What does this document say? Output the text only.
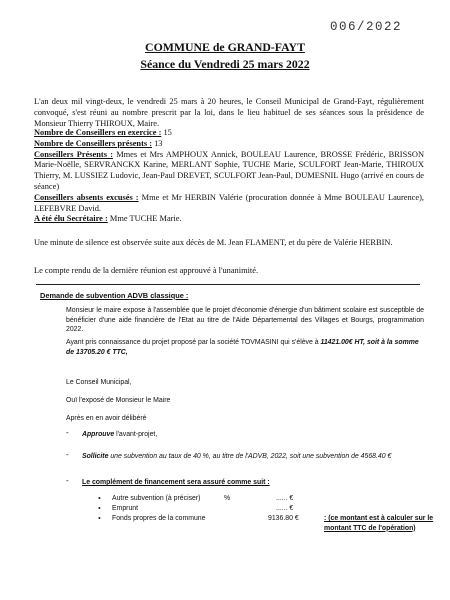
006/2022
COMMUNE de GRAND-FAYT
Séance du Vendredi 25 mars 2022

L'an deux mil vingt-deux, le vendredi 25 mars à 20 heures, le Conseil Municipal de Grand-Fayt, régulièrement convoqué, s'est réuni au nombre prescrit par la loi, dans le lieu habituel de ses séances sous la présidence de Monsieur Thierry THIROUX, Maire.

Nombre de Conseillers en exercice : 15
Nombre de Conseillers présents : 13
Conseillers Présents : Mmes et Mrs AMPHOUX Annick, BOULEAU Laurence, BROSSE Frédéric, BRISSON Marie-Noëlle, SERVRANCKX Karine, MERLANT Sophie, TUCHE Marie, SCULFORT Jean-Marie, THIROUX Thierry, M. LUSSIEZ Ludovic, Jean-Paul DREVET, SCULFORT Jean-Paul, DUMESNIL Hugo (arrivé en cours de séance)
Conseillers absents excusés : Mme et Mr HERBIN Valérie (procuration donnée à Mme BOULEAU Laurence), LEFEBVRE David.
A été élu Secrétaire : Mme TUCHE Marie.

Une minute de silence est observée suite aux décès de M. Jean FLAMENT, et du père de Valérie HERBIN.

Le compte rendu de la dernière réunion est approuvé à l'unanimité.

Demande de subvention ADVB classique :

Monsieur le maire expose à l'assemblée que le projet d'économie d'énergie d'un bâtiment scolaire est susceptible de bénéficier d'une aide financière de l'Etat au titre de l'Aide Départemental des Villages et Bourgs, programmation 2022.

Ayant pris connaissance du projet proposé par la société TOVMASINI qui s'élève à 11421.00€ HT, soit à la somme de 13705.20 € TTC,

Le Conseil Municipal,
Ouï l'exposé de Monsieur le Maire
Après en en avoir délibéré
- Approuve l'avant-projet,
- Sollicite une subvention au taux de 40 %, au titre de l'ADVB, 2022, soit une subvention de 4568.40 €
- Le complément de financement sera assuré comme suit :
• Autre subvention (à préciser)	%	...... €
• Emprunt	...... €
• Fonds propres de la commune	9136.80 €	: (ce montant est à calculer sur le montant TTC de l'opération)
